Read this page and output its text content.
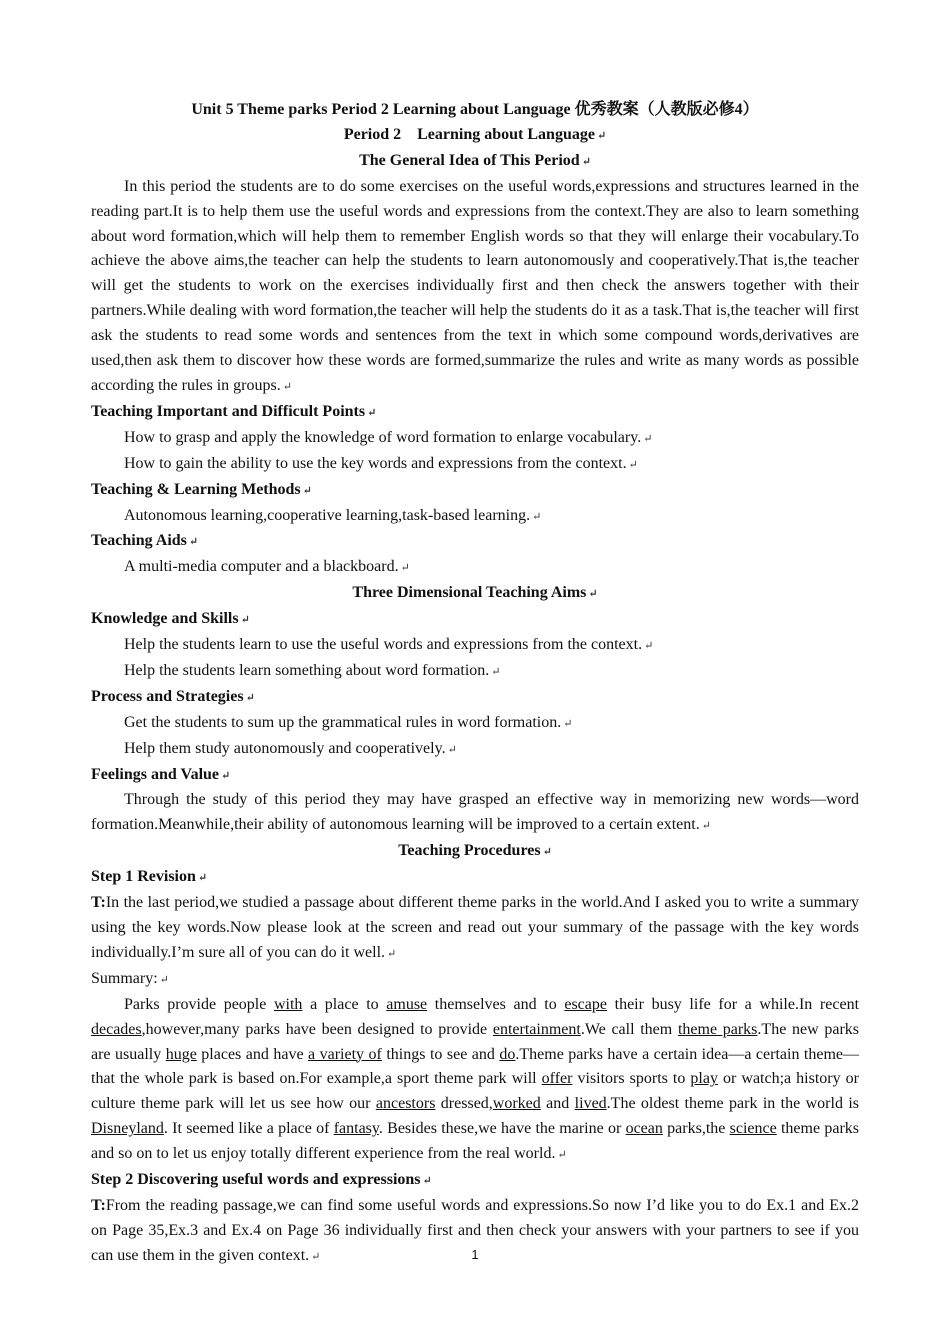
Unit 5 Theme parks Period 2 Learning about Language 优秀教案（人教版必修4）
Period 2    Learning about Language ↵
The General Idea of This Period ↵
In this period the students are to do some exercises on the useful words,expressions and structures learned in the reading part.It is to help them use the useful words and expressions from the context.They are also to learn something about word formation,which will help them to remember English words so that they will enlarge their vocabulary.To achieve the above aims,the teacher can help the students to learn autonomously and cooperatively.That is,the teacher will get the students to work on the exercises individually first and then check the answers together with their partners.While dealing with word formation,the teacher will help the students do it as a task.That is,the teacher will first ask the students to read some words and sentences from the text in which some compound words,derivatives are used,then ask them to discover how these words are formed,summarize the rules and write as many words as possible according the rules in groups. ↵
Teaching Important and Difficult Points ↵
How to grasp and apply the knowledge of word formation to enlarge vocabulary. ↵
How to gain the ability to use the key words and expressions from the context. ↵
Teaching & Learning Methods ↵
Autonomous learning,cooperative learning,task-based learning. ↵
Teaching Aids ↵
A multi-media computer and a blackboard. ↵
Three Dimensional Teaching Aims ↵
Knowledge and Skills ↵
Help the students learn to use the useful words and expressions from the context. ↵
Help the students learn something about word formation. ↵
Process and Strategies ↵
Get the students to sum up the grammatical rules in word formation. ↵
Help them study autonomously and cooperatively. ↵
Feelings and Value ↵
Through the study of this period they may have grasped an effective way in memorizing new words—word formation.Meanwhile,their ability of autonomous learning will be improved to a certain extent. ↵
Teaching Procedures ↵
Step 1 Revision ↵
T:In the last period,we studied a passage about different theme parks in the world.And I asked you to write a summary using the key words.Now please look at the screen and read out your summary of the passage with the key words individually.I’m sure all of you can do it well. ↵
Summary: ↵
Parks provide people with a place to amuse themselves and to escape their busy life for a while.In recent decades,however,many parks have been designed to provide entertainment.We call them theme parks.The new parks are usually huge places and have a variety of things to see and do.Theme parks have a certain idea—a certain theme—that the whole park is based on.For example,a sport theme park will offer visitors sports to play or watch;a history or culture theme park will let us see how our ancestors dressed,worked and lived.The oldest theme park in the world is Disneyland. It seemed like a place of fantasy. Besides these,we have the marine or ocean parks,the science theme parks and so on to let us enjoy totally different experience from the real world. ↵
Step 2 Discovering useful words and expressions ↵
T:From the reading passage,we can find some useful words and expressions.So now I’d like you to do Ex.1 and Ex.2 on Page 35,Ex.3 and Ex.4 on Page 36 individually first and then check your answers with your partners to see if you can use them in the given context. ↵	1
